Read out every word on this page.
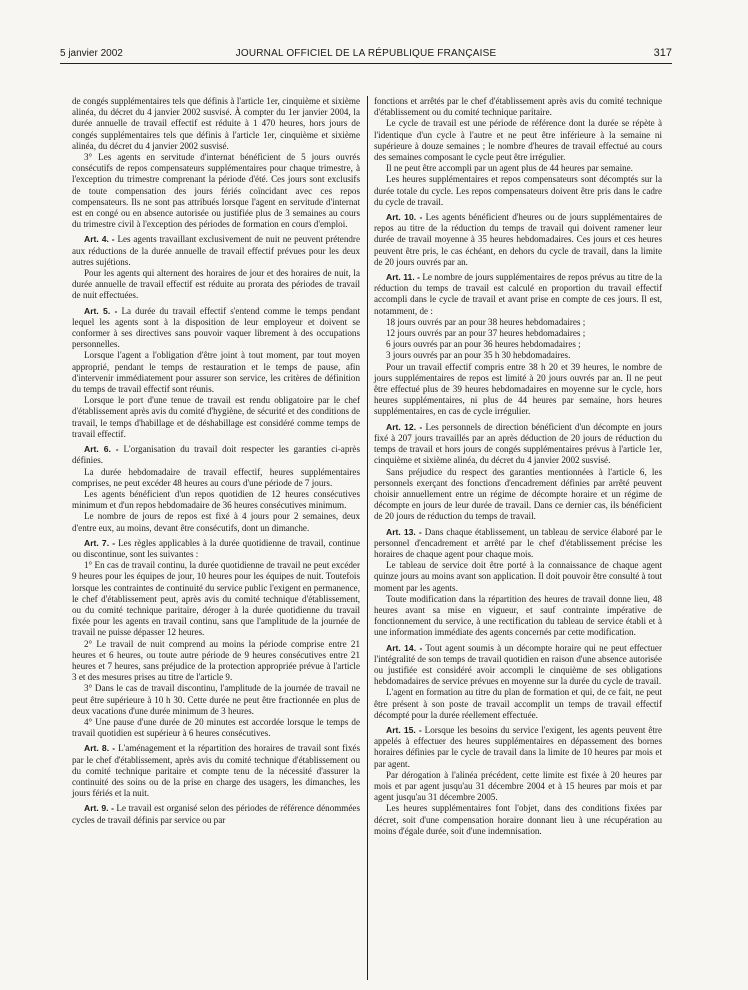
5 janvier 2002	JOURNAL OFFICIEL DE LA RÉPUBLIQUE FRANÇAISE	317

de congés supplémentaires tels que définis à l'article 1er, cinquième et sixième alinéa, du décret du 4 janvier 2002 susvisé. À compter du 1er janvier 2004, la durée annuelle de travail effectif est réduite à 1 470 heures, hors jours de congés supplémentaires tels que définis à l'article 1er, cinquième et sixième alinéa, du décret du 4 janvier 2002 susvisé.

3° Les agents en servitude d'internat bénéficient de 5 jours ouvrés consécutifs de repos compensateurs supplémentaires pour chaque trimestre, à l'exception du trimestre comprenant la période d'été. Ces jours sont exclusifs de toute compensation des jours fériés coïncidant avec ces repos compensateurs. Ils ne sont pas attribués lorsque l'agent en servitude d'internat est en congé ou en absence autorisée ou justifiée plus de 3 semaines au cours du trimestre civil à l'exception des périodes de formation en cours d'emploi.

Art. 4. - Les agents travaillant exclusivement de nuit ne peuvent prétendre aux réductions de la durée annuelle de travail effectif prévues pour les deux autres sujétions.

Pour les agents qui alternent des horaires de jour et des horaires de nuit, la durée annuelle de travail effectif est réduite au prorata des périodes de travail de nuit effectuées.

Art. 5. - La durée du travail effectif s'entend comme le temps pendant lequel les agents sont à la disposition de leur employeur et doivent se conformer à ses directives sans pouvoir vaquer librement à des occupations personnelles.

Lorsque l'agent a l'obligation d'être joint à tout moment, par tout moyen approprié, pendant le temps de restauration et le temps de pause, afin d'intervenir immédiatement pour assurer son service, les critères de définition du temps de travail effectif sont réunis.

Lorsque le port d'une tenue de travail est rendu obligatoire par le chef d'établissement après avis du comité d'hygiène, de sécurité et des conditions de travail, le temps d'habillage et de déshabillage est considéré comme temps de travail effectif.

Art. 6. - L'organisation du travail doit respecter les garanties ci-après définies.

La durée hebdomadaire de travail effectif, heures supplémentaires comprises, ne peut excéder 48 heures au cours d'une période de 7 jours.

Les agents bénéficient d'un repos quotidien de 12 heures consécutives minimum et d'un repos hebdomadaire de 36 heures consécutives minimum.

Le nombre de jours de repos est fixé à 4 jours pour 2 semaines, deux d'entre eux, au moins, devant être consécutifs, dont un dimanche.

Art. 7. - Les règles applicables à la durée quotidienne de travail, continue ou discontinue, sont les suivantes :

1° En cas de travail continu, la durée quotidienne de travail ne peut excéder 9 heures pour les équipes de jour, 10 heures pour les équipes de nuit. Toutefois lorsque les contraintes de continuité du service public l'exigent en permanence, le chef d'établissement peut, après avis du comité technique d'établissement, ou du comité technique paritaire, déroger à la durée quotidienne du travail fixée pour les agents en travail continu, sans que l'amplitude de la journée de travail ne puisse dépasser 12 heures.

2° Le travail de nuit comprend au moins la période comprise entre 21 heures et 6 heures, ou toute autre période de 9 heures consécutives entre 21 heures et 7 heures, sans préjudice de la protection appropriée prévue à l'article 3 et des mesures prises au titre de l'article 9.

3° Dans le cas de travail discontinu, l'amplitude de la journée de travail ne peut être supérieure à 10 h 30. Cette durée ne peut être fractionnée en plus de deux vacations d'une durée minimum de 3 heures.

4° Une pause d'une durée de 20 minutes est accordée lorsque le temps de travail quotidien est supérieur à 6 heures consécutives.

Art. 8. - L'aménagement et la répartition des horaires de travail sont fixés par le chef d'établissement, après avis du comité technique d'établissement ou du comité technique paritaire et compte tenu de la nécessité d'assurer la continuité des soins ou de la prise en charge des usagers, les dimanches, les jours fériés et la nuit.

Art. 9. - Le travail est organisé selon des périodes de référence dénommées cycles de travail définis par service ou par

fonctions et arrêtés par le chef d'établissement après avis du comité technique d'établissement ou du comité technique paritaire.

Le cycle de travail est une période de référence dont la durée se répète à l'identique d'un cycle à l'autre et ne peut être inférieure à la semaine ni supérieure à douze semaines ; le nombre d'heures de travail effectué au cours des semaines composant le cycle peut être irrégulier.

Il ne peut être accompli par un agent plus de 44 heures par semaine.

Les heures supplémentaires et repos compensateurs sont décomptés sur la durée totale du cycle. Les repos compensateurs doivent être pris dans le cadre du cycle de travail.

Art. 10. - Les agents bénéficient d'heures ou de jours supplémentaires de repos au titre de la réduction du temps de travail qui doivent ramener leur durée de travail moyenne à 35 heures hebdomadaires. Ces jours et ces heures peuvent être pris, le cas échéant, en dehors du cycle de travail, dans la limite de 20 jours ouvrés par an.

Art. 11. - Le nombre de jours supplémentaires de repos prévus au titre de la réduction du temps de travail est calculé en proportion du travail effectif accompli dans le cycle de travail et avant prise en compte de ces jours. Il est, notamment, de :

18 jours ouvrés par an pour 38 heures hebdomadaires ;

12 jours ouvrés par an pour 37 heures hebdomadaires ;

6 jours ouvrés par an pour 36 heures hebdomadaires ;

3 jours ouvrés par an pour 35 h 30 hebdomadaires.

Pour un travail effectif compris entre 38 h 20 et 39 heures, le nombre de jours supplémentaires de repos est limité à 20 jours ouvrés par an. Il ne peut être effectué plus de 39 heures hebdomadaires en moyenne sur le cycle, hors heures supplémentaires, ni plus de 44 heures par semaine, hors heures supplémentaires, en cas de cycle irrégulier.

Art. 12. - Les personnels de direction bénéficient d'un décompte en jours fixé à 207 jours travaillés par an après déduction de 20 jours de réduction du temps de travail et hors jours de congés supplémentaires prévus à l'article 1er, cinquième et sixième alinéa, du décret du 4 janvier 2002 susvisé.

Sans préjudice du respect des garanties mentionnées à l'article 6, les personnels exerçant des fonctions d'encadrement définies par arrêté peuvent choisir annuellement entre un régime de décompte horaire et un régime de décompte en jours de leur durée de travail. Dans ce dernier cas, ils bénéficient de 20 jours de réduction du temps de travail.

Art. 13. - Dans chaque établissement, un tableau de service élaboré par le personnel d'encadrement et arrêté par le chef d'établissement précise les horaires de chaque agent pour chaque mois.

Le tableau de service doit être porté à la connaissance de chaque agent quinze jours au moins avant son application. Il doit pouvoir être consulté à tout moment par les agents.

Toute modification dans la répartition des heures de travail donne lieu, 48 heures avant sa mise en vigueur, et sauf contrainte impérative de fonctionnement du service, à une rectification du tableau de service établi et à une information immédiate des agents concernés par cette modification.

Art. 14. - Tout agent soumis à un décompte horaire qui ne peut effectuer l'intégralité de son temps de travail quotidien en raison d'une absence autorisée ou justifiée est considéré avoir accompli le cinquième de ses obligations hebdomadaires de service prévues en moyenne sur la durée du cycle de travail.

L'agent en formation au titre du plan de formation et qui, de ce fait, ne peut être présent à son poste de travail accomplit un temps de travail effectif décompté pour la durée réellement effectuée.

Art. 15. - Lorsque les besoins du service l'exigent, les agents peuvent être appelés à effectuer des heures supplémentaires en dépassement des bornes horaires définies par le cycle de travail dans la limite de 10 heures par mois et par agent.

Par dérogation à l'alinéa précédent, cette limite est fixée à 20 heures par mois et par agent jusqu'au 31 décembre 2004 et à 15 heures par mois et par agent jusqu'au 31 décembre 2005.

Les heures supplémentaires font l'objet, dans des conditions fixées par décret, soit d'une compensation horaire donnant lieu à une récupération au moins d'égale durée, soit d'une indemnisation.
